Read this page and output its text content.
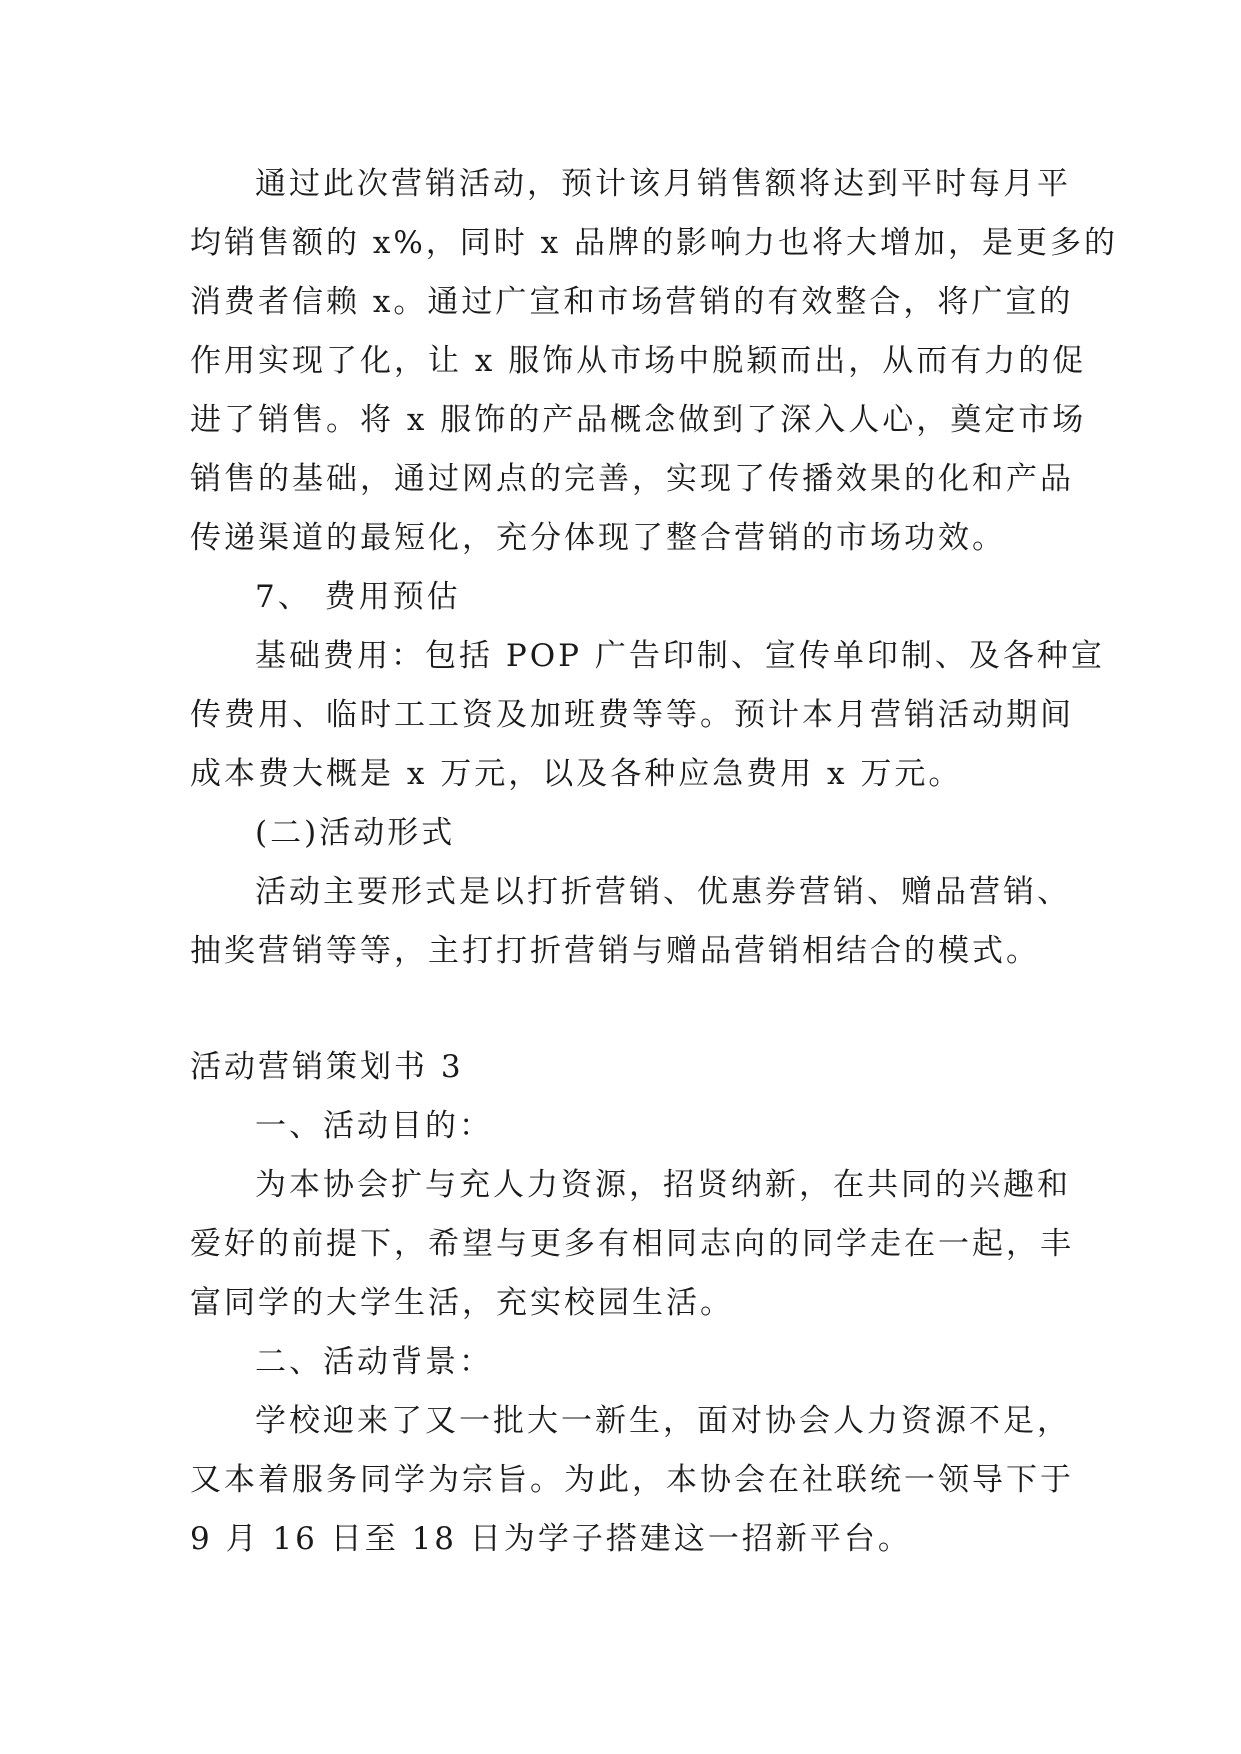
通过此次营销活动，预计该月销售额将达到平时每月平
均销售额的 x%，同时 x 品牌的影响力也将大增加，是更多的
消费者信赖 x。通过广宣和市场营销的有效整合，将广宣的
作用实现了化，让 x 服饰从市场中脱颖而出，从而有力的促
进了销售。将 x 服饰的产品概念做到了深入人心，奠定市场
销售的基础，通过网点的完善，实现了传播效果的化和产品
传递渠道的最短化，充分体现了整合营销的市场功效。
7、 费用预估
基础费用：包括 POP 广告印制、宣传单印制、及各种宣
传费用、临时工工资及加班费等等。预计本月营销活动期间
成本费大概是 x 万元，以及各种应急费用 x 万元。
(二)活动形式
活动主要形式是以打折营销、优惠券营销、赠品营销、
抽奖营销等等，主打打折营销与赠品营销相结合的模式。
活动营销策划书 3
一、活动目的：
为本协会扩与充人力资源，招贤纳新，在共同的兴趣和
爱好的前提下，希望与更多有相同志向的同学走在一起，丰
富同学的大学生活，充实校园生活。
二、活动背景：
学校迎来了又一批大一新生，面对协会人力资源不足，
又本着服务同学为宗旨。为此，本协会在社联统一领导下于
9 月 16 日至 18 日为学子搭建这一招新平台。
